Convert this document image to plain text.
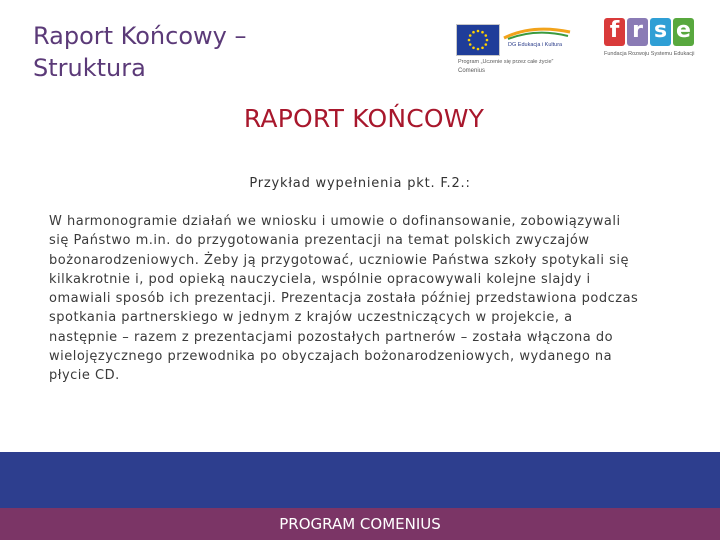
Raport Końcowy –
Struktura
DG Edukacja i Kultura
Program „Uczenie się przez całe życie”
Comenius
f r s e
Fundacja Rozwoju Systemu Edukacji
RAPORT KOŃCOWY
Przykład wypełnienia pkt. F.2.:
W harmonogramie działań we wniosku i umowie o dofinansowanie, zobowiązywali
się Państwo m.in. do przygotowania prezentacji na temat polskich zwyczajów
bożonarodzeniowych. Żeby ją przygotować, uczniowie Państwa szkoły spotykali się
kilkakrotnie i, pod opieką nauczyciela, wspólnie opracowywali kolejne slajdy i
omawiali sposób ich prezentacji. Prezentacja została później przedstawiona podczas
spotkania partnerskiego w jednym z krajów uczestniczących w projekcie, a
następnie – razem z prezentacjami pozostałych partnerów – została włączona do
wielojęzycznego przewodnika po obyczajach bożonarodzeniowych, wydanego na
płycie CD.
PROGRAM COMENIUS
